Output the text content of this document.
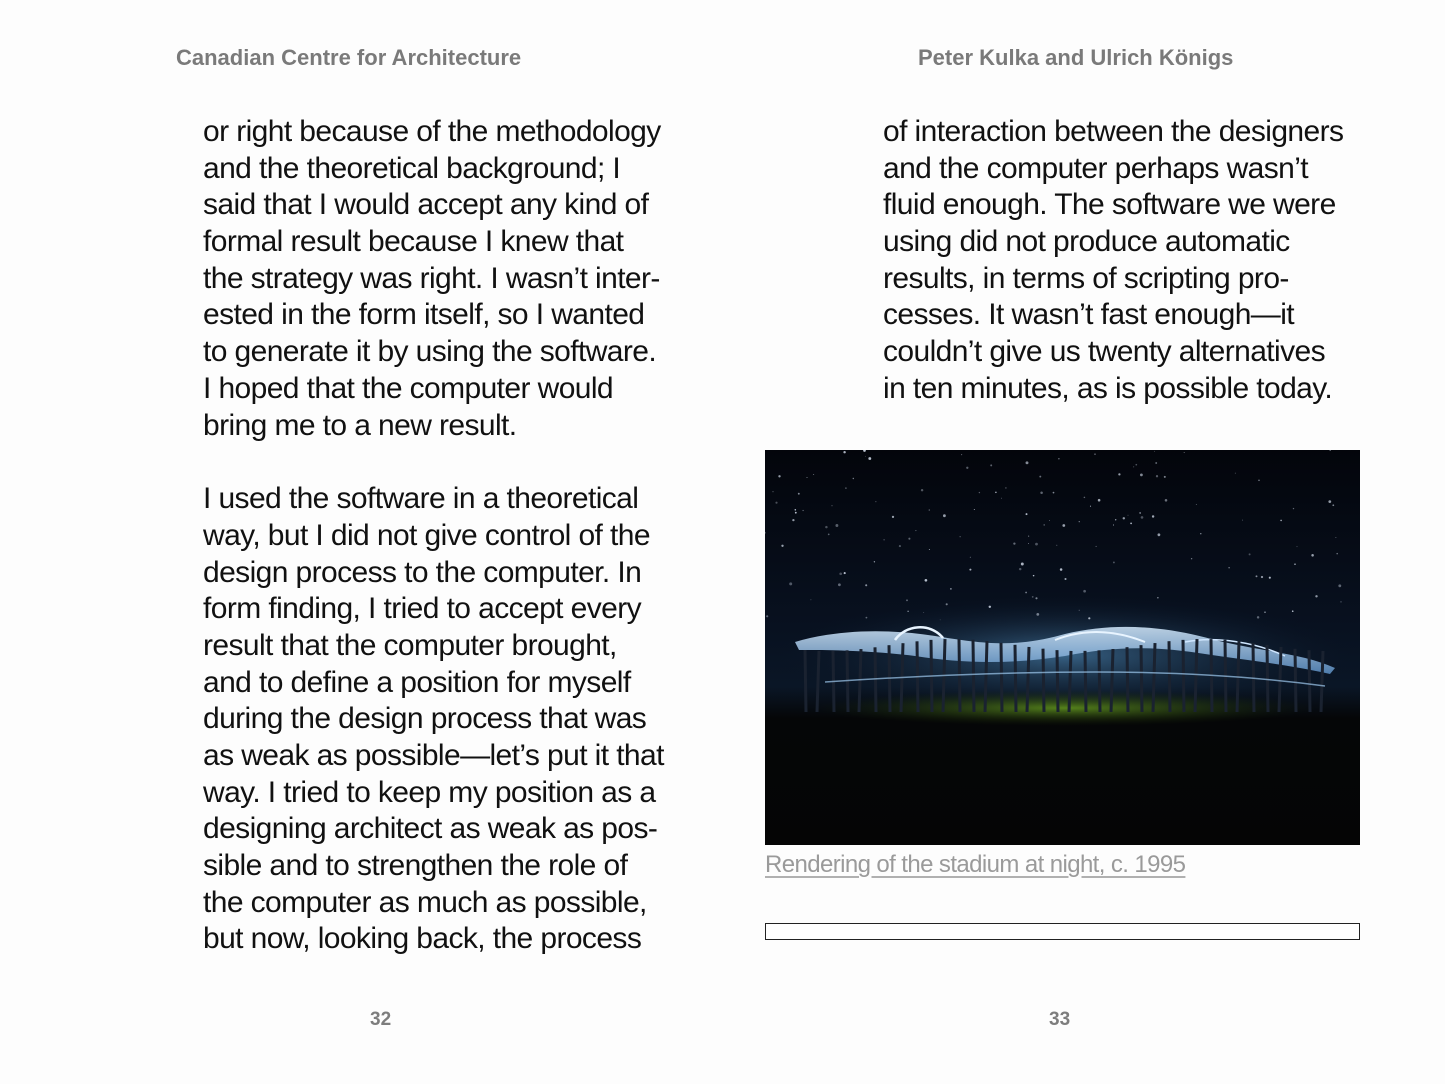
Canadian Centre for Architecture	Peter Kulka and Ulrich Königs
or right because of the methodology
and the theoretical background; I
said that I would accept any kind of
formal result because I knew that
the strategy was right. I wasn’t inter-
ested in the form itself, so I wanted
to generate it by using the software.
I hoped that the computer would
bring me to a new result.
I used the software in a theoretical
way, but I did not give control of the
design process to the computer. In
form finding, I tried to accept every
result that the computer brought,
and to define a position for myself
during the design process that was
as weak as possible—let’s put it that
way. I tried to keep my position as a
designing architect as weak as pos-
sible and to strengthen the role of
the computer as much as possible,
but now, looking back, the process
of interaction between the designers
and the computer perhaps wasn’t
fluid enough. The software we were
using did not produce automatic
results, in terms of scripting pro-
cesses. It wasn’t fast enough—it
couldn’t give us twenty alternatives
in ten minutes, as is possible today.
Rendering of the stadium at night, c. 1995
32	33
